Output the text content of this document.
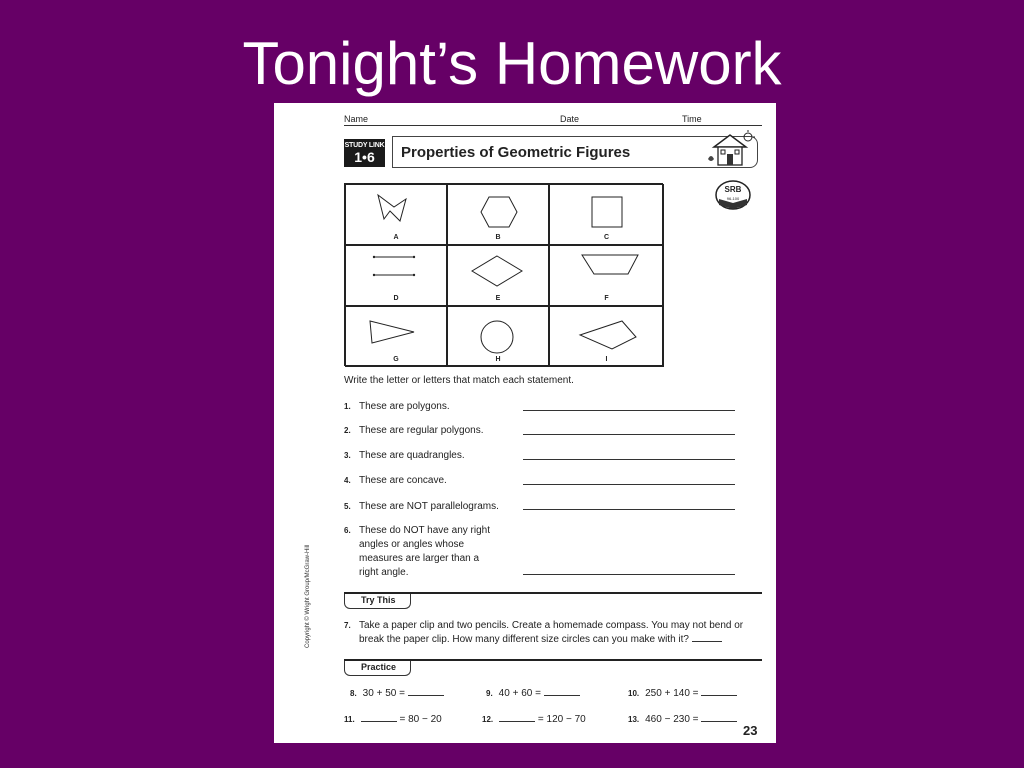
Tonight’s Homework
Name	Date	Time
STUDY LINK
1•6	Properties of Geometric Figures
SRB
96-100
A	B	C
D	E	F
G	H	I
Write the letter or letters that match each statement.
1. These are polygons.
2. These are regular polygons.
3. These are quadrangles.
4. These are concave.
5. These are NOT parallelograms.
6. These do NOT have any right angles or angles whose measures are larger than a right angle.
Try This
7. Take a paper clip and two pencils. Create a homemade compass. You may not bend or break the paper clip. How many different size circles can you make with it?
Practice
8. 30 + 50 =	9. 40 + 60 =	10. 250 + 140 =
11.	= 80 − 20	12.	= 120 − 70	13. 460 − 230 =
23
Copyright © Wright Group/McGraw-Hill
